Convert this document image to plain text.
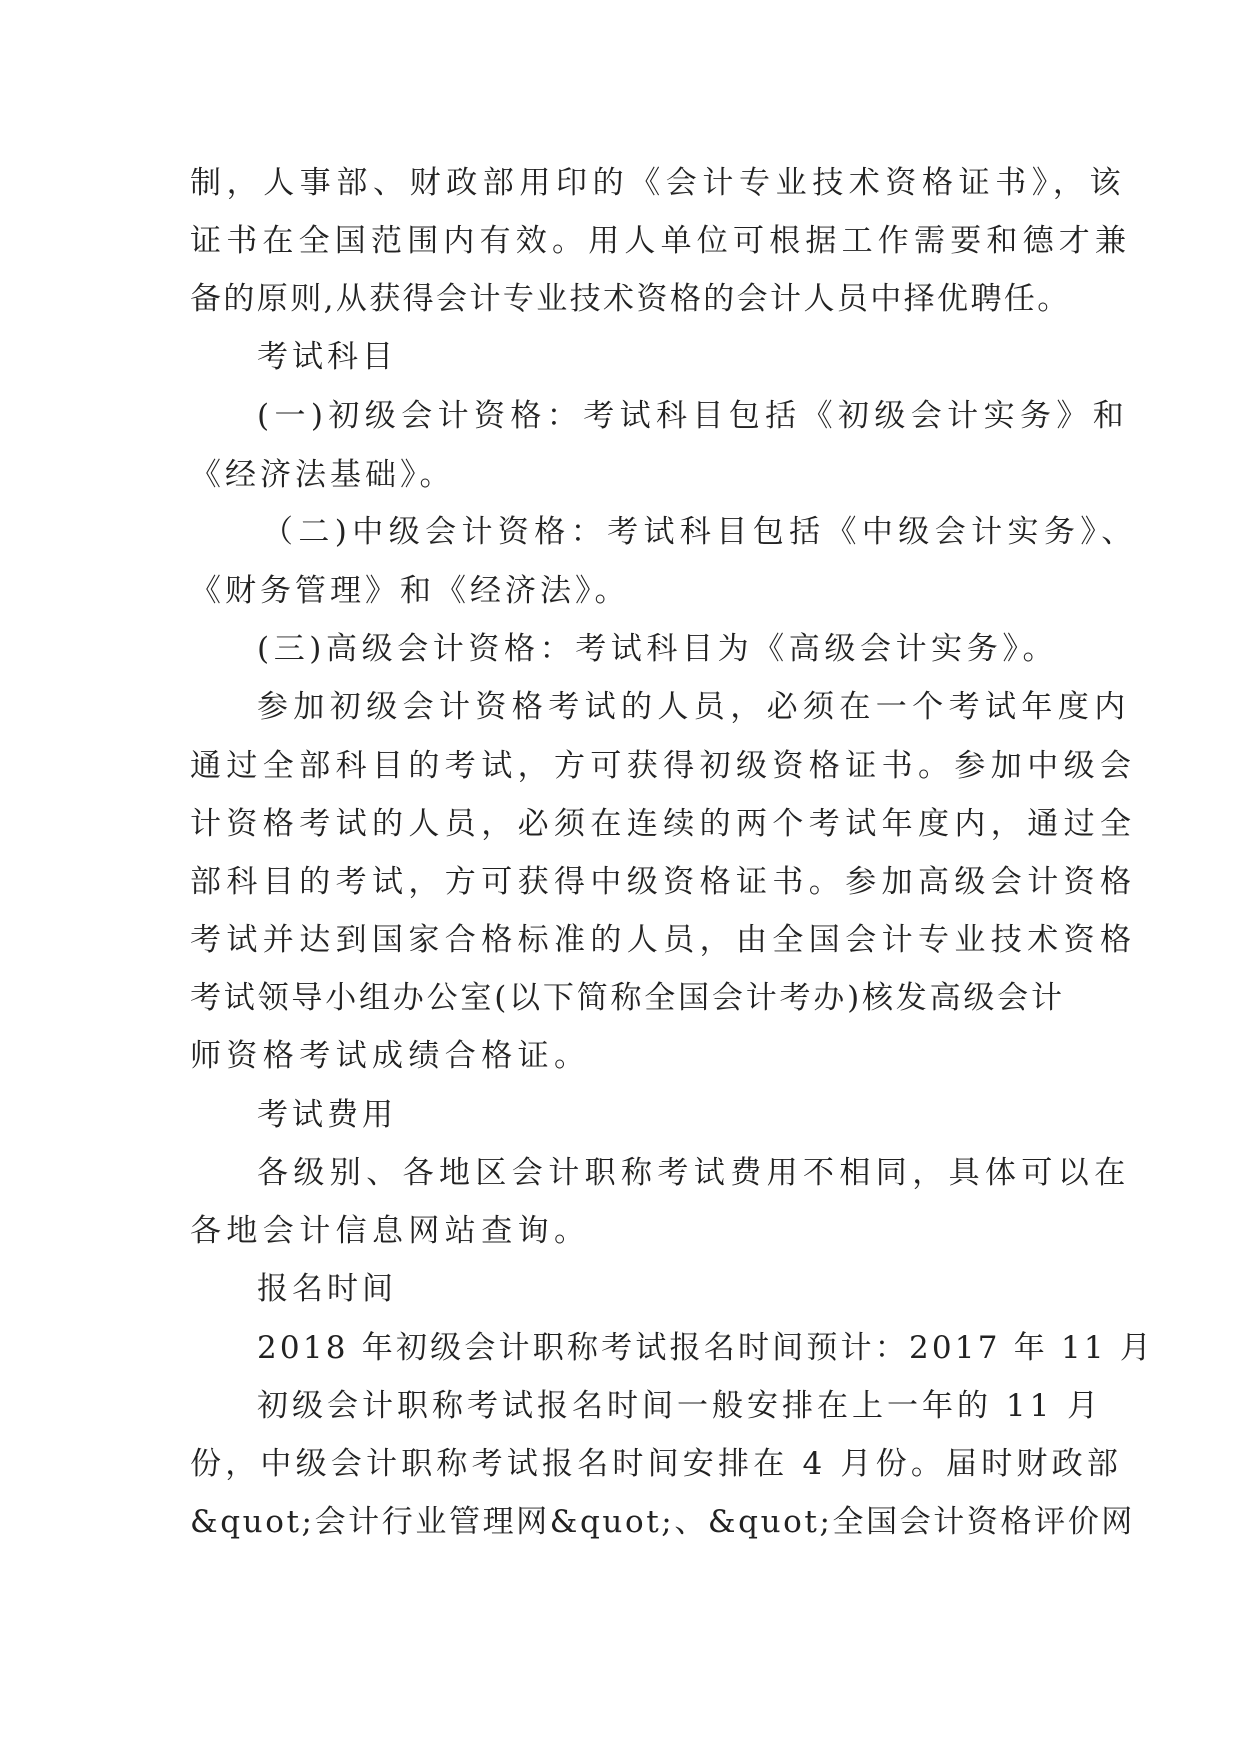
制，人事部、财政部用印的《会计专业技术资格证书》，该

证书在全国范围内有效。用人单位可根据工作需要和德才兼

备的原则,从获得会计专业技术资格的会计人员中择优聘任。

考试科目

(一)初级会计资格：考试科目包括《初级会计实务》和

《经济法基础》。

（二)中级会计资格：考试科目包括《中级会计实务》、

《财务管理》和《经济法》。

(三)高级会计资格：考试科目为《高级会计实务》。

参加初级会计资格考试的人员，必须在一个考试年度内

通过全部科目的考试，方可获得初级资格证书。参加中级会

计资格考试的人员，必须在连续的两个考试年度内，通过全

部科目的考试，方可获得中级资格证书。参加高级会计资格

考试并达到国家合格标准的人员，由全国会计专业技术资格

考试领导小组办公室(以下简称全国会计考办)核发高级会计

师资格考试成绩合格证。

考试费用

各级别、各地区会计职称考试费用不相同，具体可以在

各地会计信息网站查询。

报名时间

2018 年初级会计职称考试报名时间预计：2017 年 11 月

初级会计职称考试报名时间一般安排在上一年的 11 月

份，中级会计职称考试报名时间安排在 4 月份。届时财政部

&quot;会计行业管理网&quot;、&quot;全国会计资格评价网
